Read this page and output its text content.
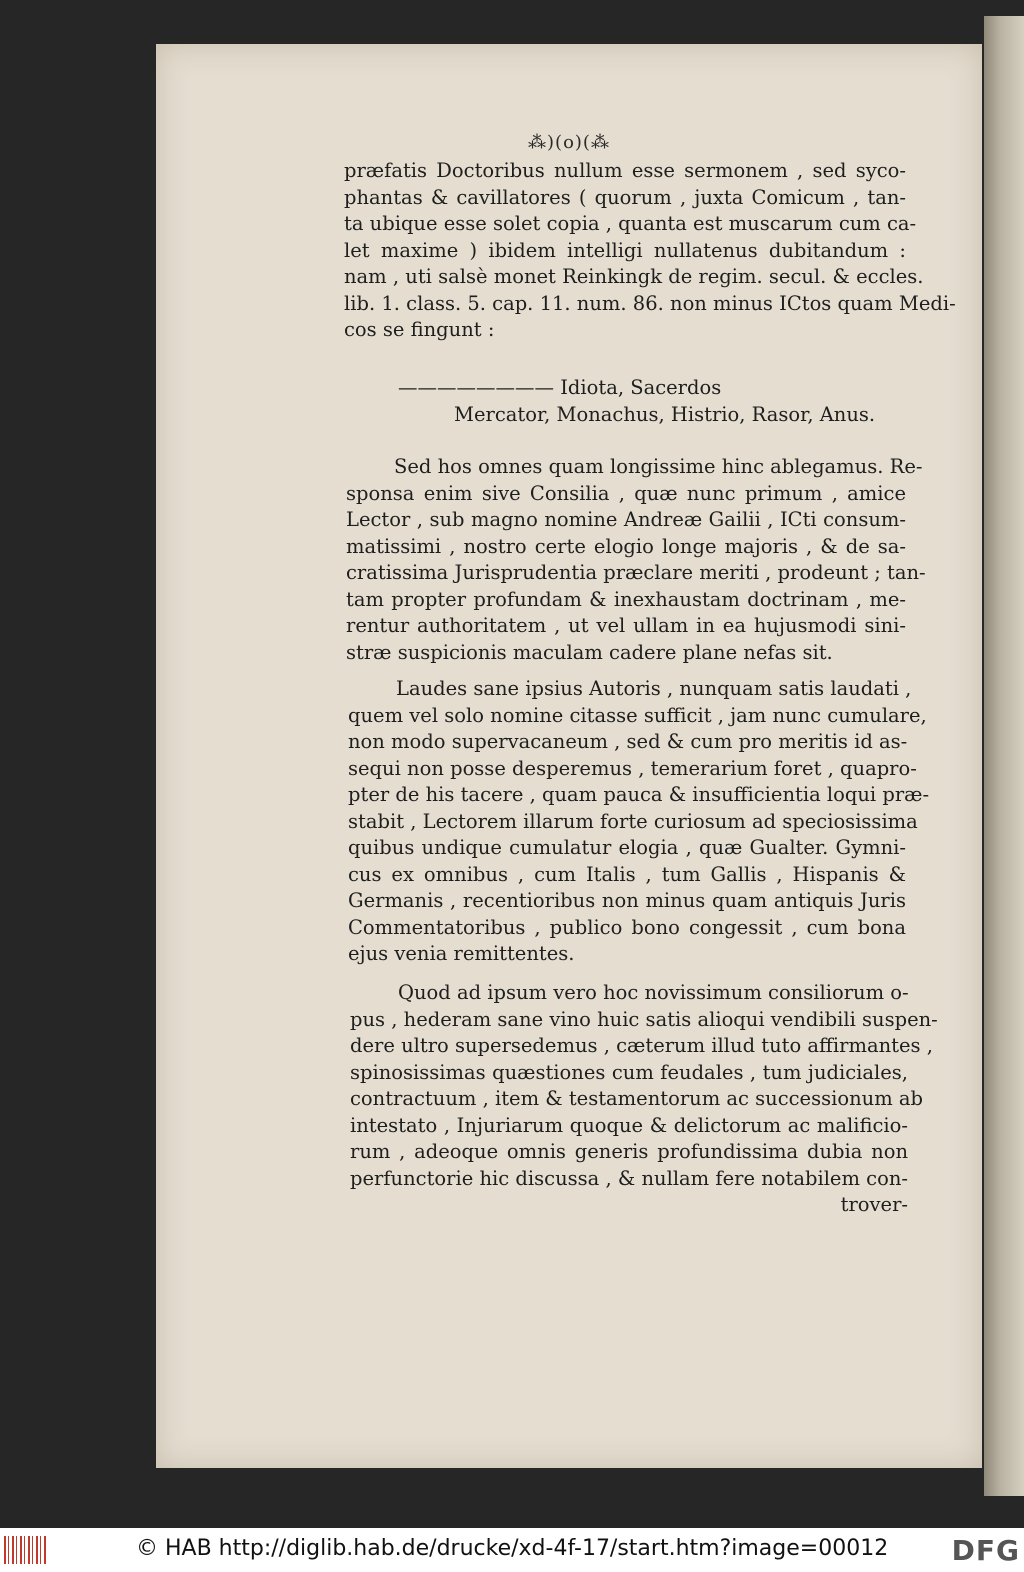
⁂)(o)(⁂
præfatis Doctoribus nullum esse sermonem , sed syco-
phantas & cavillatores ( quorum , juxta Comicum , tan-
ta ubique esse solet copia , quanta est muscarum cum ca-
let maxime ) ibidem intelligi nullatenus dubitandum :
nam , uti salsè monet Reinkingk de regim. secul. & eccles.
lib. 1. class. 5. cap. 11. num. 86. non minus ICtos quam Medi-
cos se fingunt :
———————— Idiota, Sacerdos
Mercator, Monachus, Histrio, Rasor, Anus.
Sed hos omnes quam longissime hinc ablegamus. Re-
sponsa enim sive Consilia , quæ nunc primum , amice
Lector , sub magno nomine Andreæ Gailii , ICti consum-
matissimi , nostro certe elogio longe majoris , & de sa-
cratissima Jurisprudentia præclare meriti , prodeunt ; tan-
tam propter profundam & inexhaustam doctrinam , me-
rentur authoritatem , ut vel ullam in ea hujusmodi sini-
stræ suspicionis maculam cadere plane nefas sit.
Laudes sane ipsius Autoris , nunquam satis laudati ,
quem vel solo nomine citasse sufficit , jam nunc cumulare,
non modo supervacaneum , sed & cum pro meritis id as-
sequi non posse desperemus , temerarium foret , quapro-
pter de his tacere , quam pauca & insufficientia loqui præ-
stabit , Lectorem illarum forte curiosum ad speciosissima
quibus undique cumulatur elogia , quæ Gualter. Gymni-
cus ex omnibus , cum Italis , tum Gallis , Hispanis &
Germanis , recentioribus non minus quam antiquis Juris
Commentatoribus , publico bono congessit , cum bona
ejus venia remittentes.
Quod ad ipsum vero hoc novissimum consiliorum o-
pus , hederam sane vino huic satis alioqui vendibili suspen-
dere ultro supersedemus , cæterum illud tuto affirmantes ,
spinosissimas quæstiones cum feudales , tum judiciales,
contractuum , item & testamentorum ac successionum ab
intestato , Injuriarum quoque & delictorum ac malificio-
rum , adeoque omnis generis profundissima dubia non
perfunctorie hic discussa , & nullam fere notabilem con-
trover-
© HAB http://diglib.hab.de/drucke/xd-4f-17/start.htm?image=00012 DFG
